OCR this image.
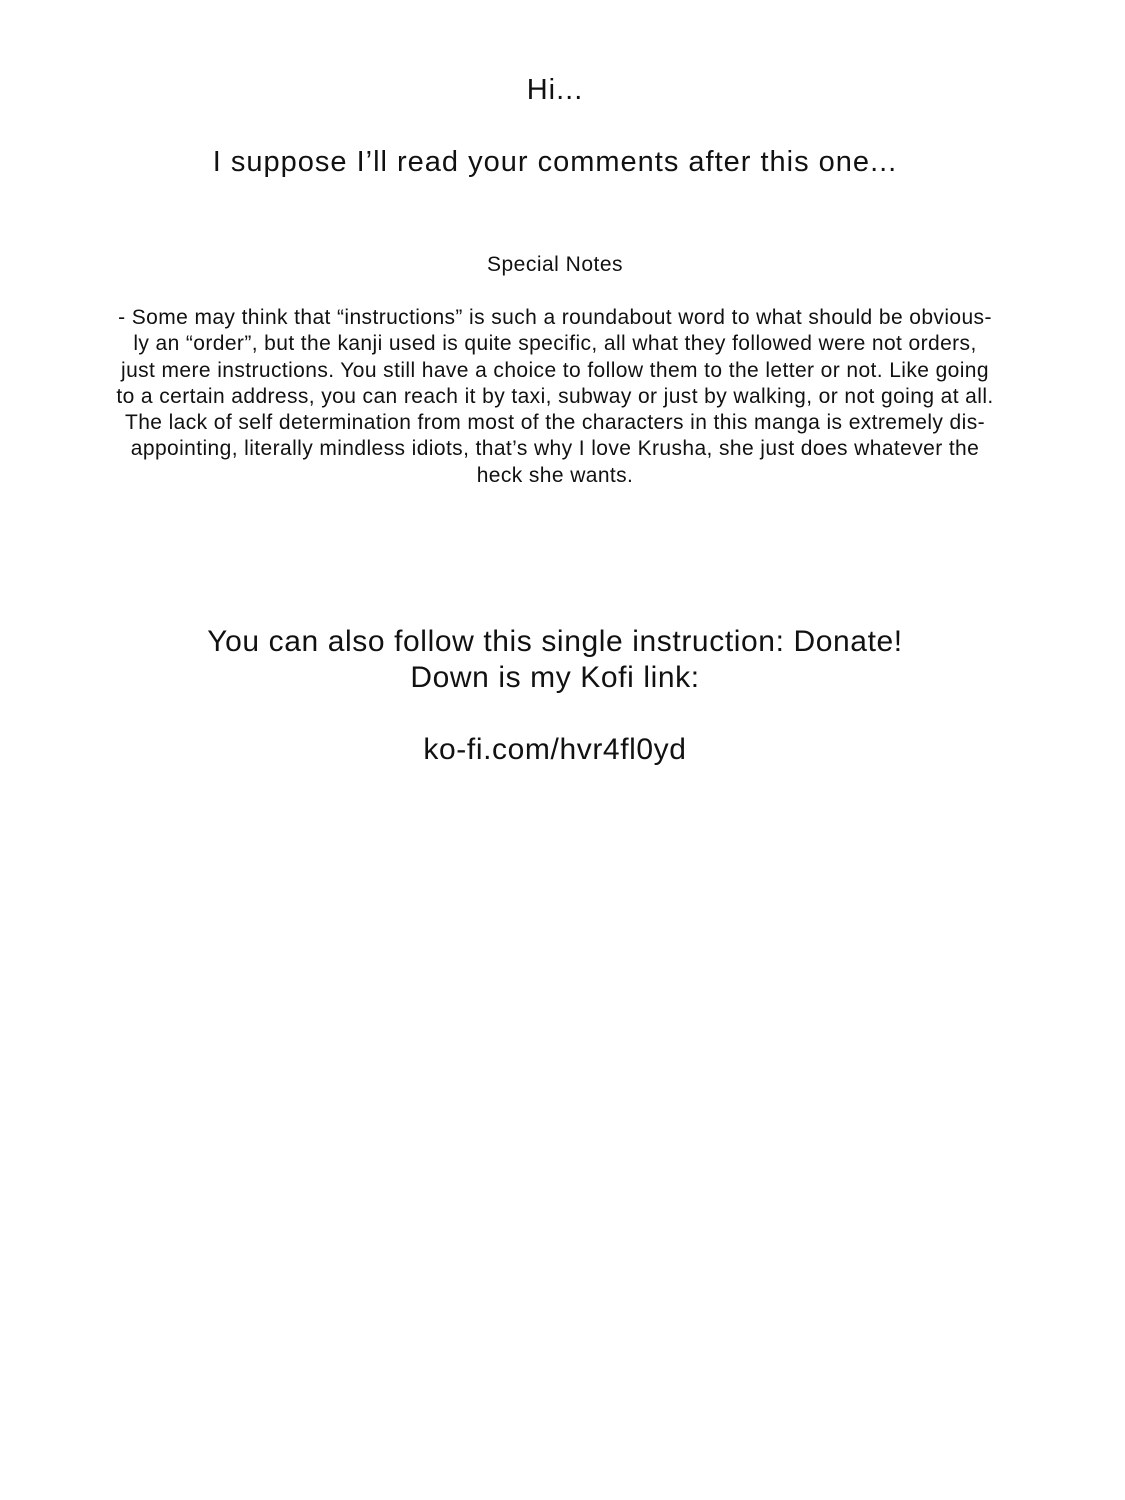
Hi...

I suppose I’ll read your comments after this one...

Special Notes

- Some may think that “instructions” is such a roundabout word to what should be obvious-
ly an “order”, but the kanji used is quite specific, all what they followed were not orders,
just mere instructions. You still have a choice to follow them to the letter or not. Like going
to a certain address, you can reach it by taxi, subway or just by walking, or not going at all.
The lack of self determination from most of the characters in this manga is extremely dis-
appointing, literally mindless idiots, that’s why I love Krusha, she just does whatever the
heck she wants.

You can also follow this single instruction: Donate!

Down is my Kofi link:

ko-fi.com/hvr4fl0yd
